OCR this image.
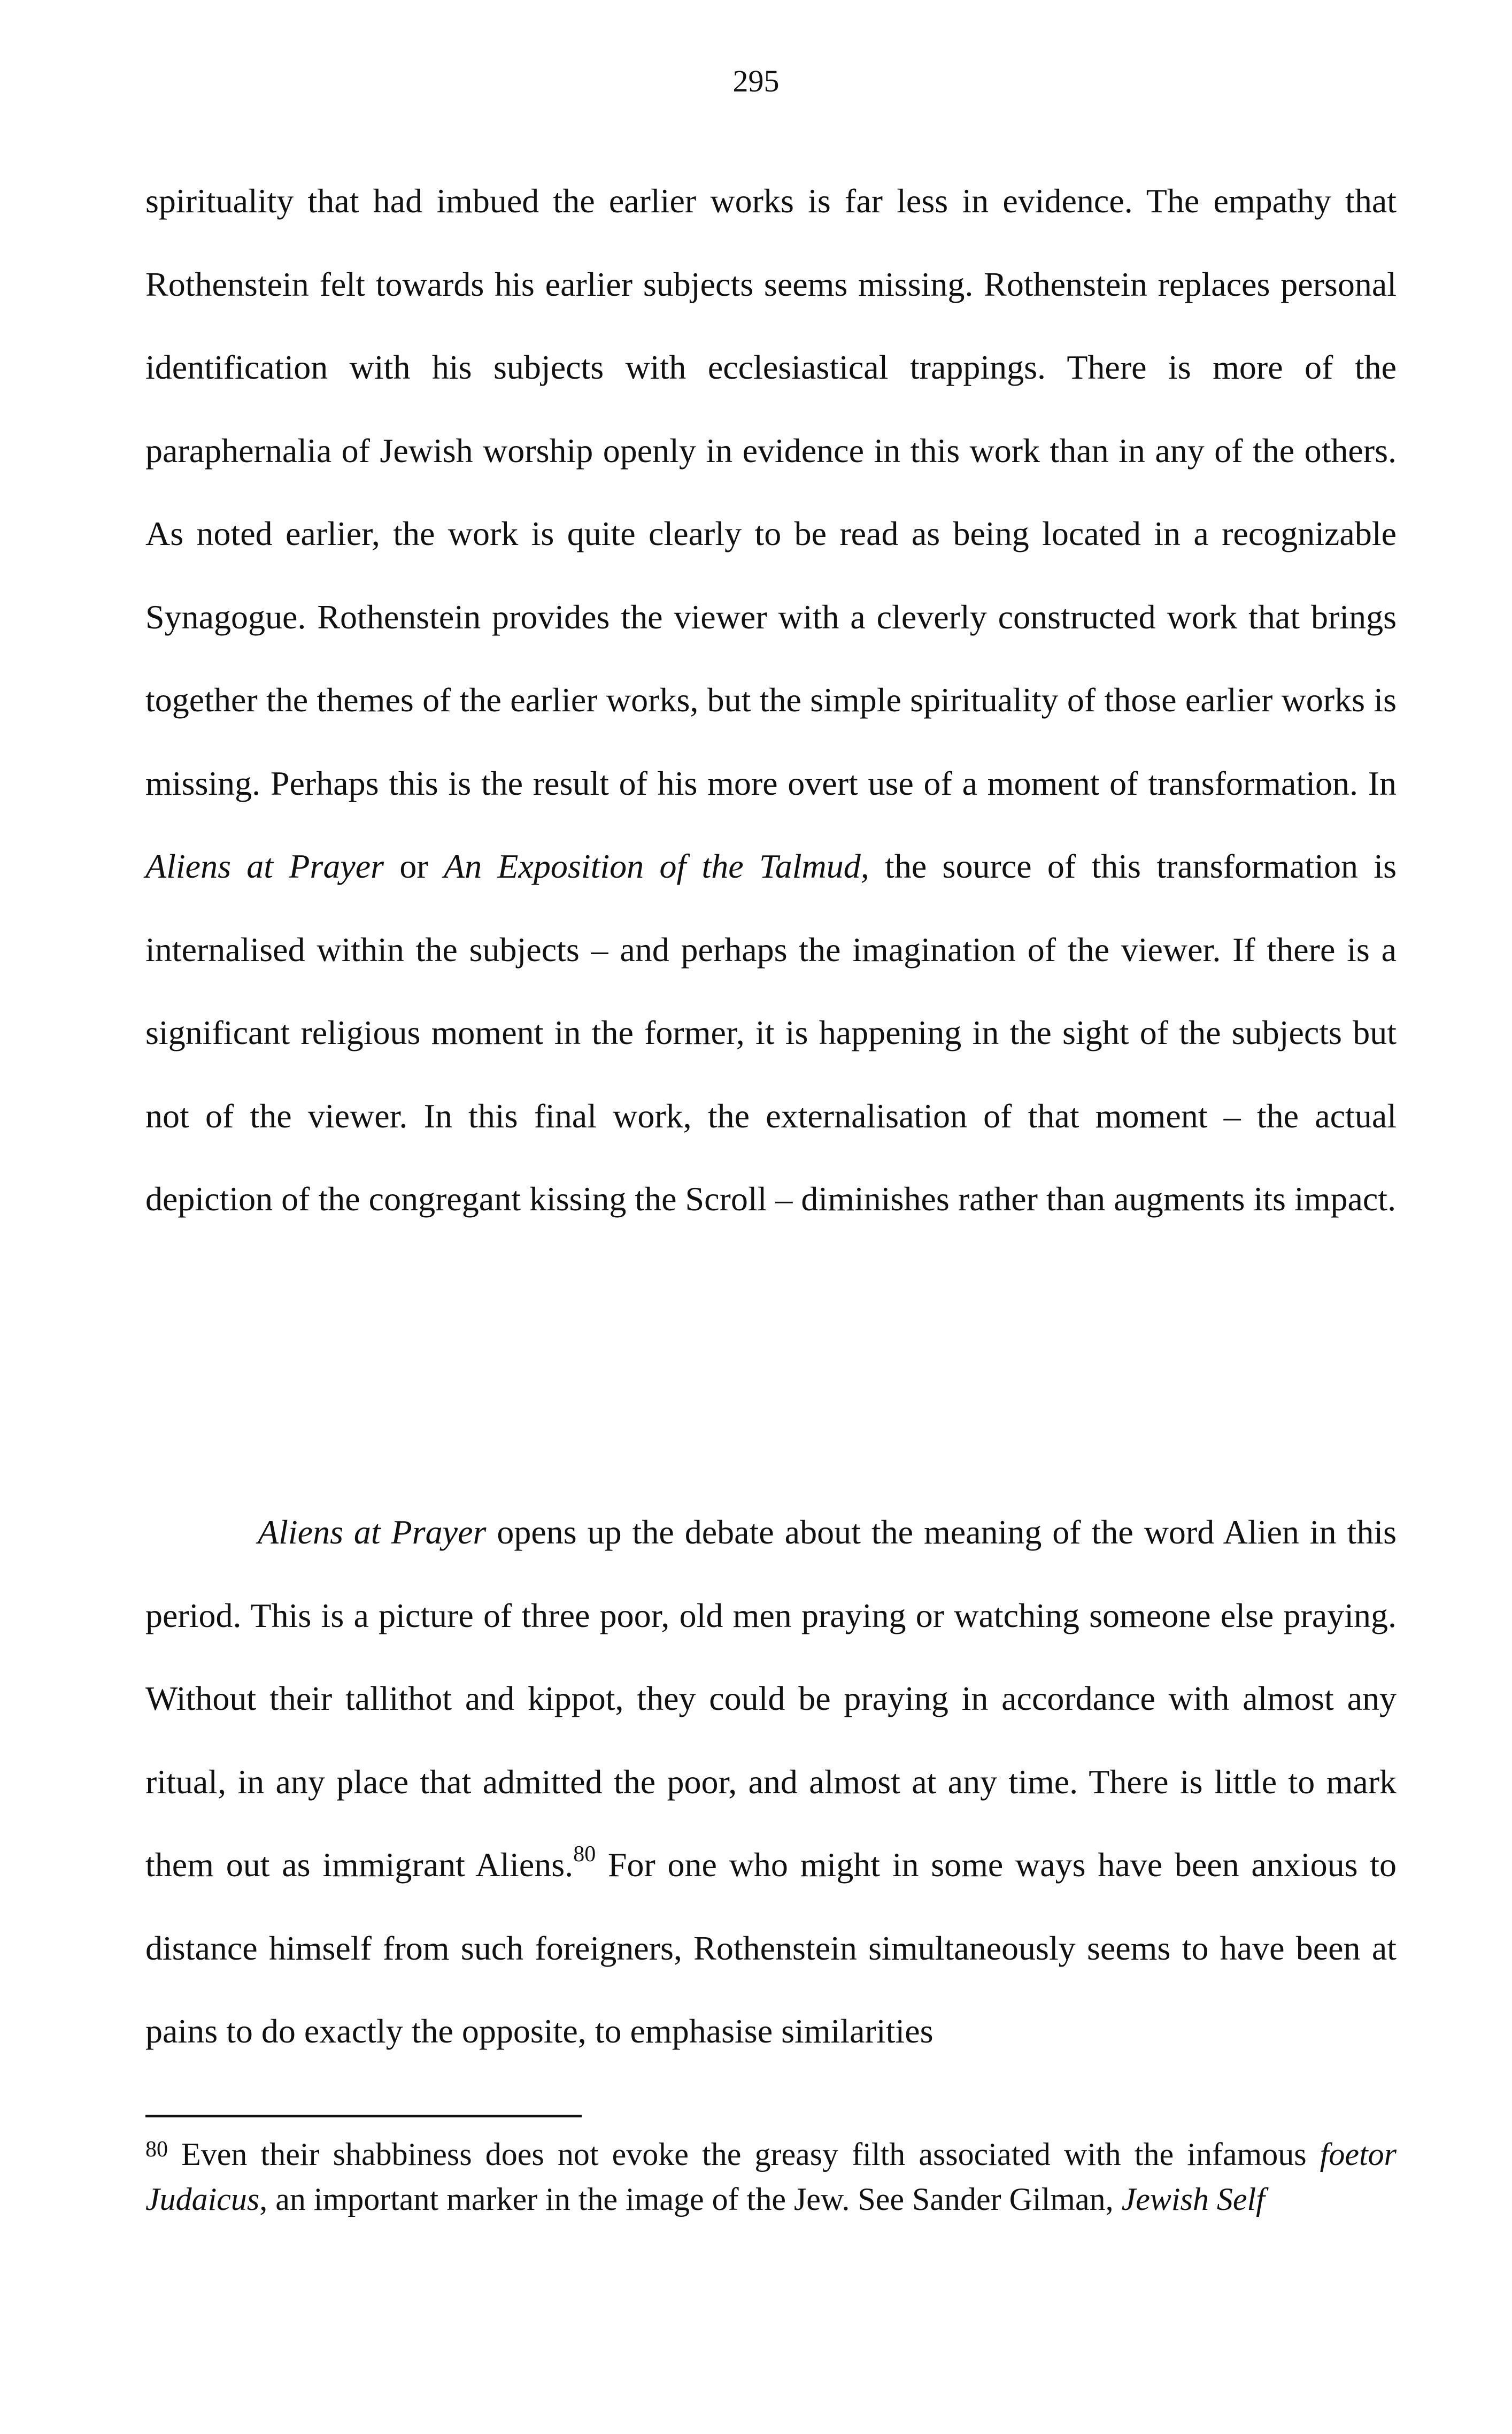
295

spirituality that had imbued the earlier works is far less in evidence. The empathy that Rothenstein felt towards his earlier subjects seems missing. Rothenstein replaces personal identification with his subjects with ecclesiastical trappings. There is more of the paraphernalia of Jewish worship openly in evidence in this work than in any of the others. As noted earlier, the work is quite clearly to be read as being located in a recognizable Synagogue. Rothenstein provides the viewer with a cleverly constructed work that brings together the themes of the earlier works, but the simple spirituality of those earlier works is missing. Perhaps this is the result of his more overt use of a moment of transformation. In Aliens at Prayer or An Exposition of the Talmud, the source of this transformation is internalised within the subjects – and perhaps the imagination of the viewer. If there is a significant religious moment in the former, it is happening in the sight of the subjects but not of the viewer. In this final work, the externalisation of that moment – the actual depiction of the congregant kissing the Scroll – diminishes rather than augments its impact.

Aliens at Prayer opens up the debate about the meaning of the word Alien in this period. This is a picture of three poor, old men praying or watching someone else praying. Without their tallithot and kippot, they could be praying in accordance with almost any ritual, in any place that admitted the poor, and almost at any time. There is little to mark them out as immigrant Aliens.$^{80}$ For one who might in some ways have been anxious to distance himself from such foreigners, Rothenstein simultaneously seems to have been at pains to do exactly the opposite, to emphasise similarities

$^{80}$ Even their shabbiness does not evoke the greasy filth associated with the infamous foetor Judaicus, an important marker in the image of the Jew. See Sander Gilman, Jewish Self
